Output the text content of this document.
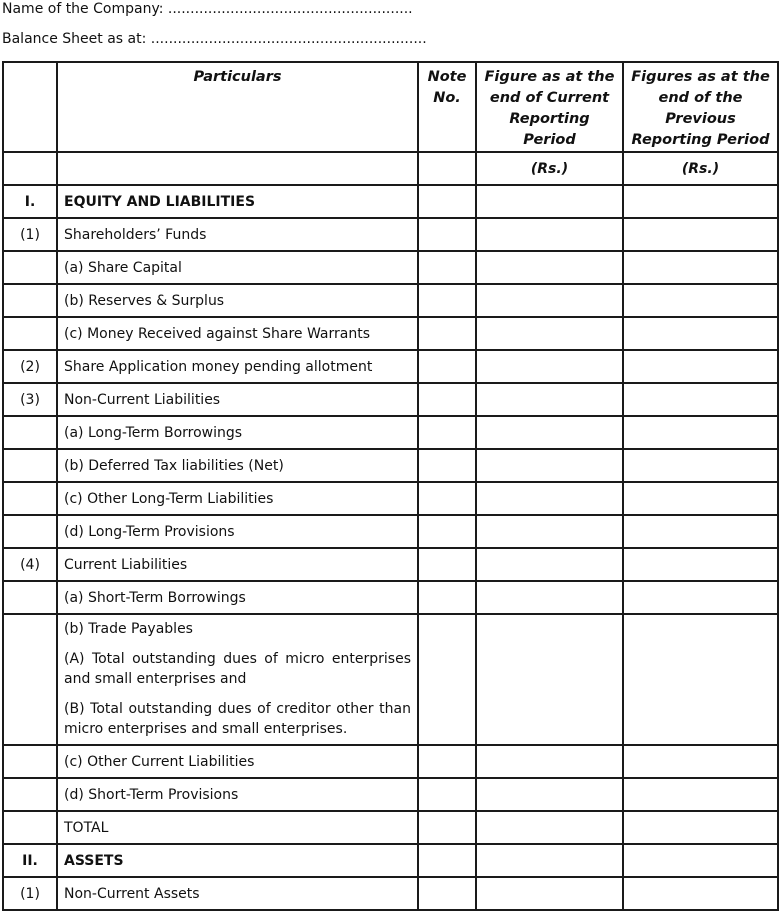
Name of the Company: .......................................................
Balance Sheet as at: ..............................................................
	Particulars	Note No.	Figure as at the end of Current Reporting Period	Figures as at the end of the Previous Reporting Period
			(Rs.)	(Rs.)
I.	EQUITY AND LIABILITIES			
(1)	Shareholders’ Funds			
	(a) Share Capital			
	(b) Reserves & Surplus			
	(c) Money Received against Share Warrants			
(2)	Share Application money pending allotment			
(3)	Non-Current Liabilities			
	(a) Long-Term Borrowings			
	(b) Deferred Tax liabilities (Net)			
	(c) Other Long-Term Liabilities			
	(d) Long-Term Provisions			
(4)	Current Liabilities			
	(a) Short-Term Borrowings			

	(b) Trade Payables
(A) Total outstanding dues of micro enterprises and small enterprises and
(B) Total outstanding dues of creditor other than micro enterprises and small enterprises.			

	(c) Other Current Liabilities			
	(d) Short-Term Provisions			
	TOTAL			
II.	ASSETS			
(1)	Non-Current Assets			
